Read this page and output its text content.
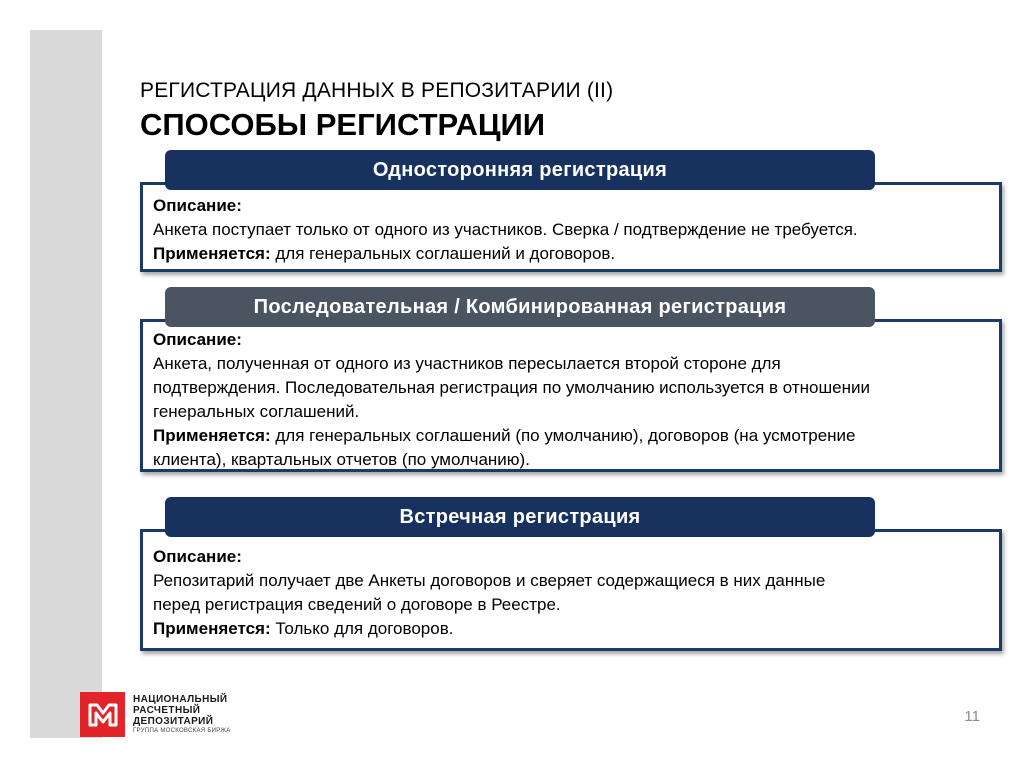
РЕГИСТРАЦИЯ ДАННЫХ В РЕПОЗИТАРИИ (II)
СПОСОБЫ РЕГИСТРАЦИИ
Односторонняя регистрация
Описание:
Анкета поступает только от одного из участников. Сверка / подтверждение не требуется.
Применяется: для генеральных соглашений и договоров.
Последовательная / Комбинированная регистрация
Описание:
Анкета, полученная от одного из участников пересылается второй стороне для
подтверждения. Последовательная регистрация по умолчанию используется в отношении
генеральных соглашений.
Применяется: для генеральных соглашений (по умолчанию), договоров (на усмотрение
клиента), квартальных отчетов (по умолчанию).
Встречная регистрация
Описание:
Репозитарий получает две Анкеты договоров и сверяет содержащиеся в них данные
перед регистрация сведений о договоре в Реестре.
Применяется: Только для договоров.
НАЦИОНАЛЬНЫЙ
РАСЧЕТНЫЙ
ДЕПОЗИТАРИЙ
ГРУППА МОСКОВСКАЯ БИРЖА
11
